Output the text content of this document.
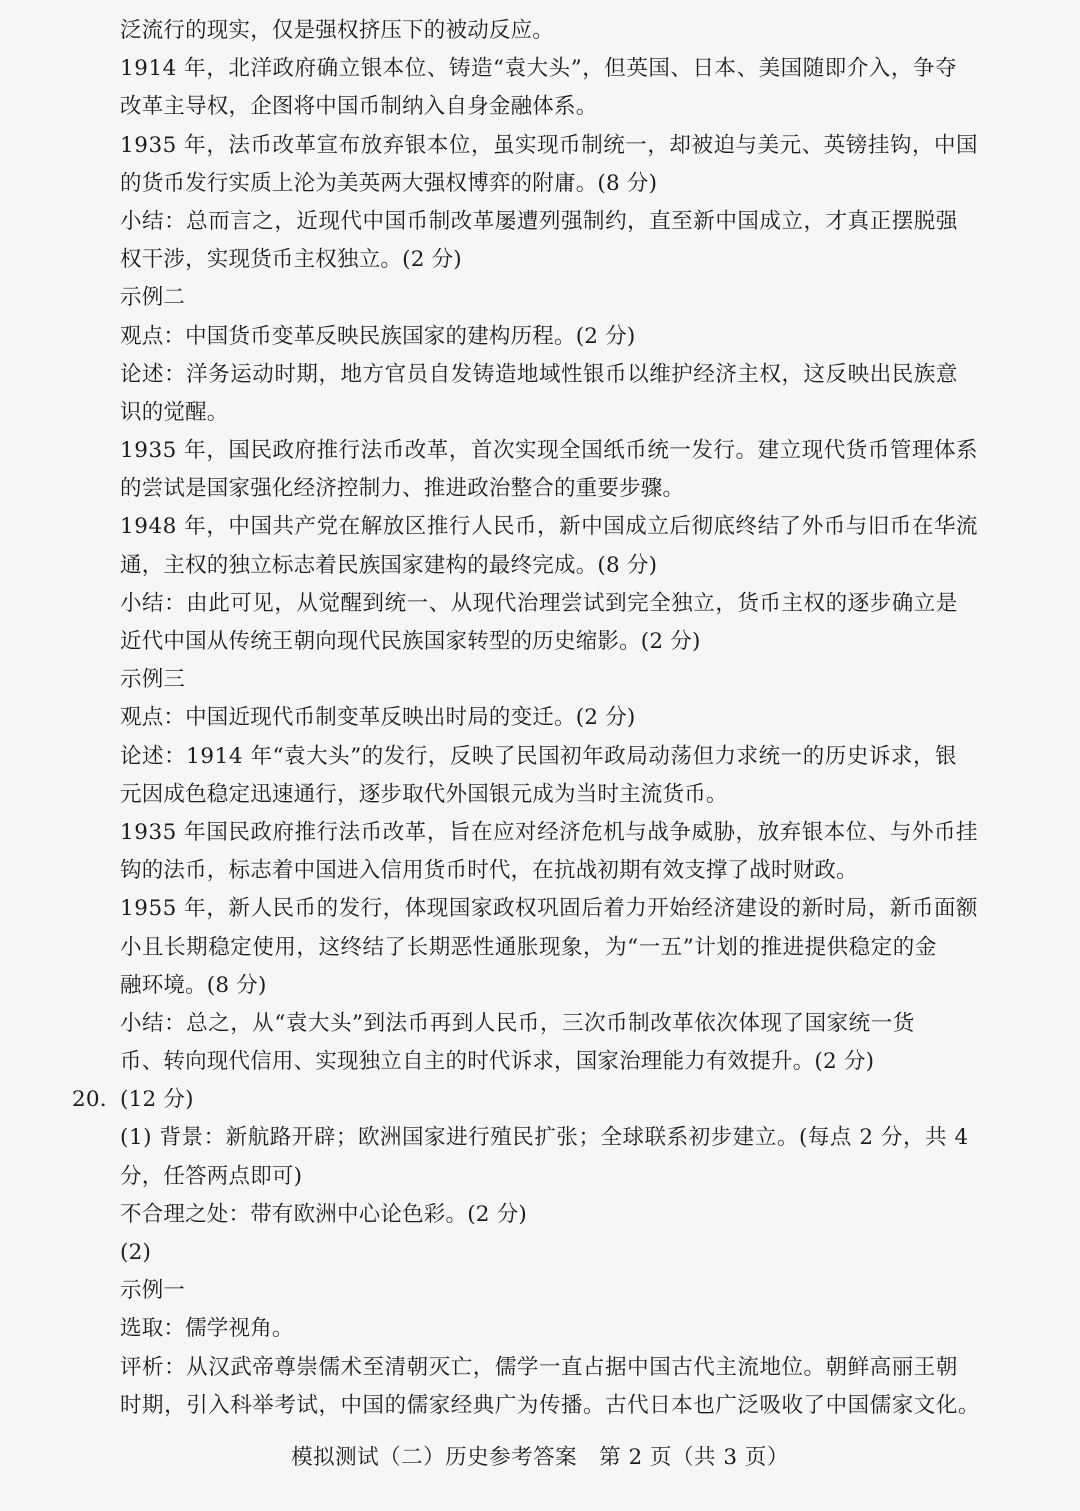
泛流行的现实，仅是强权挤压下的被动反应。
1914 年，北洋政府确立银本位、铸造“袁大头”，但英国、日本、美国随即介入，争夺
改革主导权，企图将中国币制纳入自身金融体系。
1935 年，法币改革宣布放弃银本位，虽实现币制统一，却被迫与美元、英镑挂钩，中国
的货币发行实质上沦为美英两大强权博弈的附庸。(8 分)
小结：总而言之，近现代中国币制改革屡遭列强制约，直至新中国成立，才真正摆脱强
权干涉，实现货币主权独立。(2 分)
示例二
观点：中国货币变革反映民族国家的建构历程。(2 分)
论述：洋务运动时期，地方官员自发铸造地域性银币以维护经济主权，这反映出民族意
识的觉醒。
1935 年，国民政府推行法币改革，首次实现全国纸币统一发行。建立现代货币管理体系
的尝试是国家强化经济控制力、推进政治整合的重要步骤。
1948 年，中国共产党在解放区推行人民币，新中国成立后彻底终结了外币与旧币在华流
通，主权的独立标志着民族国家建构的最终完成。(8 分)
小结：由此可见，从觉醒到统一、从现代治理尝试到完全独立，货币主权的逐步确立是
近代中国从传统王朝向现代民族国家转型的历史缩影。(2 分)
示例三
观点：中国近现代币制变革反映出时局的变迁。(2 分)
论述：1914 年“袁大头”的发行，反映了民国初年政局动荡但力求统一的历史诉求，银
元因成色稳定迅速通行，逐步取代外国银元成为当时主流货币。
1935 年国民政府推行法币改革，旨在应对经济危机与战争威胁，放弃银本位、与外币挂
钩的法币，标志着中国进入信用货币时代，在抗战初期有效支撑了战时财政。
1955 年，新人民币的发行，体现国家政权巩固后着力开始经济建设的新时局，新币面额
小且长期稳定使用，这终结了长期恶性通胀现象，为“一五”计划的推进提供稳定的金
融环境。(8 分)
小结：总之，从“袁大头”到法币再到人民币，三次币制改革依次体现了国家统一货
币、转向现代信用、实现独立自主的时代诉求，国家治理能力有效提升。(2 分)
20. (12 分)
(1) 背景：新航路开辟；欧洲国家进行殖民扩张；全球联系初步建立。(每点 2 分，共 4
分，任答两点即可)
不合理之处：带有欧洲中心论色彩。(2 分)
(2)
示例一
选取：儒学视角。
评析：从汉武帝尊崇儒术至清朝灭亡，儒学一直占据中国古代主流地位。朝鲜高丽王朝
时期，引入科举考试，中国的儒家经典广为传播。古代日本也广泛吸收了中国儒家文化。
模拟测试（二）历史参考答案　第 2 页（共 3 页）
